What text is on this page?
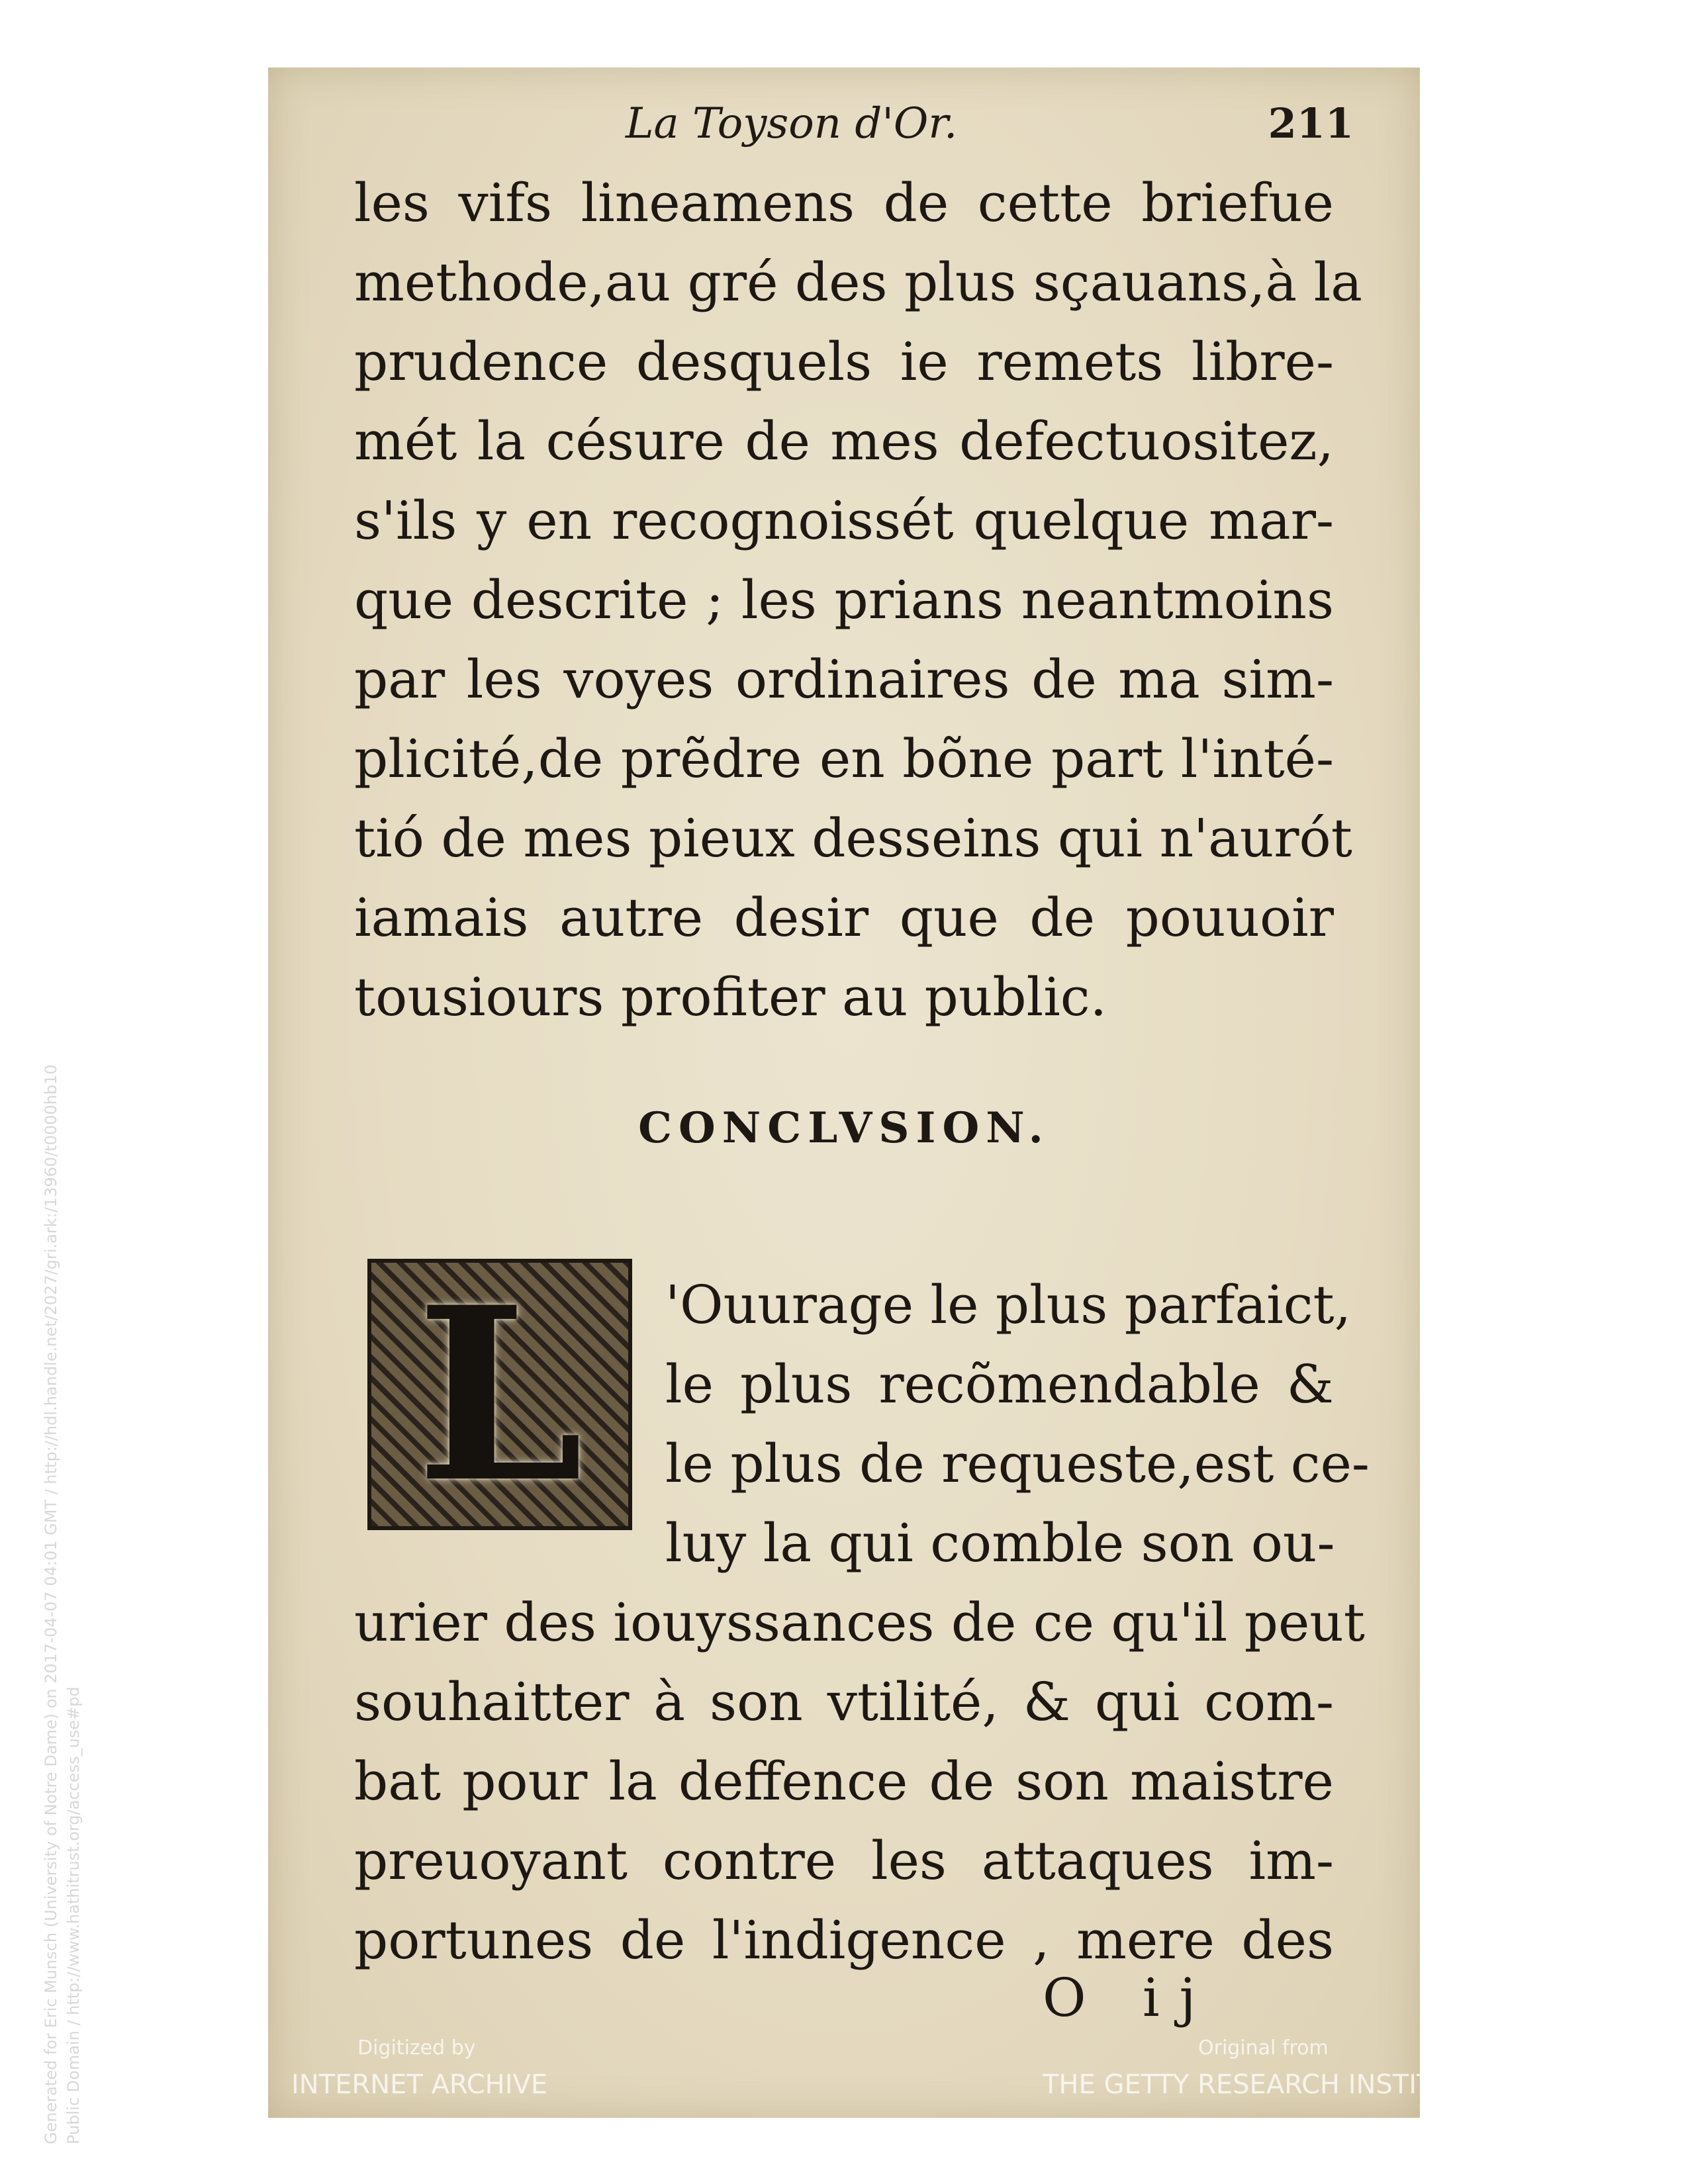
Generated for Eric Munsch (University of Notre Dame) on 2017-04-07 04:01 GMT / http://hdl.handle.net/2027/gri.ark:/13960/t0000hb10 Public Domain / http://www.hathitrust.org/access_use#pd
La Toyson d'Or.	211
les vifs lineamens de cette briefue
methode,au gré des plus sçauans,à la
prudence desquels ie remets libre-
mét la césure de mes defectuositez,
s'ils y en recognoissét quelque mar-
que descrite ; les prians neantmoins
par les voyes ordinaires de ma sim-
plicité,de prẽdre en bõne part l'inté-
tió de mes pieux desseins qui n'aurót
iamais autre desir que de pouuoir
tousiours profiter au public.
CONCLVSION.
L	'Ouurage le plus parfaict,
le plus recõmendable &
le plus de requeste,est ce-
luy la qui comble son ou-
urier des iouyssances de ce qu'il peut
souhaitter à son vtilité, & qui com-
bat pour la deffence de son maistre
preuoyant contre les attaques im-
portunes de l'indigence , mere des
O ij
Digitized by
INTERNET ARCHIVE
Original from
THE GETTY RESEARCH INSTITUTE
